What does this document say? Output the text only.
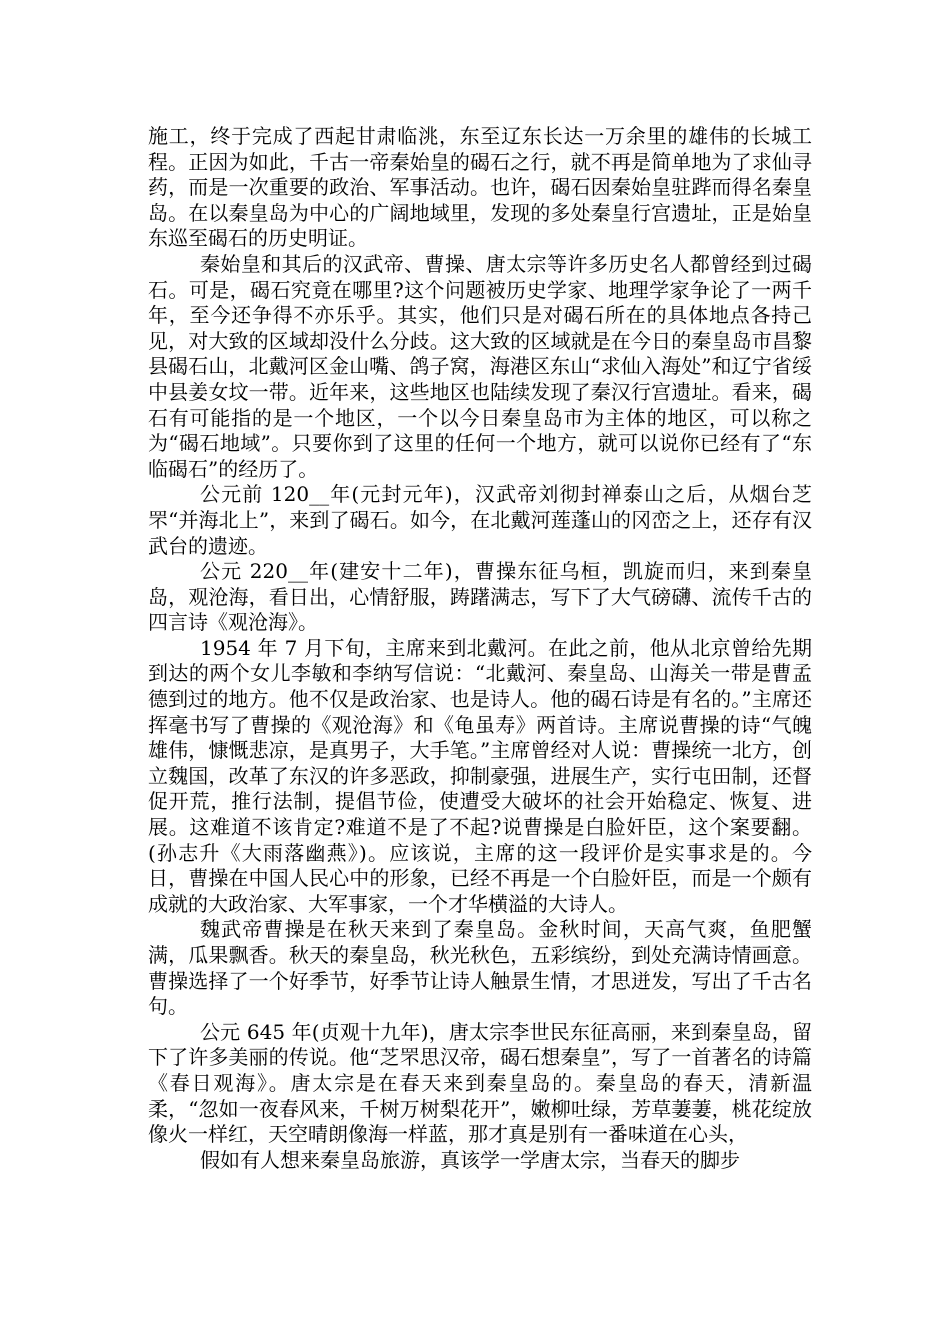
施工，终于完成了西起甘肃临洮，东至辽东长达一万余里的雄伟的长城工程。正因为如此，千古一帝秦始皇的碣石之行，就不再是简单地为了求仙寻药，而是一次重要的政治、军事活动。也许，碣石因秦始皇驻跸而得名秦皇岛。在以秦皇岛为中心的广阔地域里，发现的多处秦皇行宫遗址，正是始皇东巡至碣石的历史明证。

秦始皇和其后的汉武帝、曹操、唐太宗等许多历史名人都曾经到过碣石。可是，碣石究竟在哪里?这个问题被历史学家、地理学家争论了一两千年，至今还争得不亦乐乎。其实，他们只是对碣石所在的具体地点各持己见，对大致的区域却没什么分歧。这大致的区域就是在今日的秦皇岛市昌黎县碣石山，北戴河区金山嘴、鸽子窝，海港区东山“求仙入海处”和辽宁省绥中县姜女坟一带。近年来，这些地区也陆续发现了秦汉行宫遗址。看来，碣石有可能指的是一个地区，一个以今日秦皇岛市为主体的地区，可以称之为“碣石地域”。只要你到了这里的任何一个地方，就可以说你已经有了“东临碣石”的经历了。

公元前 120__年(元封元年)，汉武帝刘彻封禅泰山之后，从烟台芝罘“并海北上”，来到了碣石。如今，在北戴河莲蓬山的冈峦之上，还存有汉武台的遗迹。

公元 220__年(建安十二年)，曹操东征乌桓，凯旋而归，来到秦皇岛，观沧海，看日出，心情舒服，踌躇满志，写下了大气磅礴、流传千古的四言诗《观沧海》。

1954 年 7 月下旬，主席来到北戴河。在此之前，他从北京曾给先期到达的两个女儿李敏和李纳写信说：“北戴河、秦皇岛、山海关一带是曹孟德到过的地方。他不仅是政治家、也是诗人。他的碣石诗是有名的。”主席还挥毫书写了曹操的《观沧海》和《龟虽寿》两首诗。主席说曹操的诗“气魄雄伟，慷慨悲凉，是真男子，大手笔。”主席曾经对人说：曹操统一北方，创立魏国，改革了东汉的许多恶政，抑制豪强，进展生产，实行屯田制，还督促开荒，推行法制，提倡节俭，使遭受大破坏的社会开始稳定、恢复、进展。这难道不该肯定?难道不是了不起?说曹操是白脸奸臣，这个案要翻。(孙志升《大雨落幽燕》)。应该说，主席的这一段评价是实事求是的。今日，曹操在中国人民心中的形象，已经不再是一个白脸奸臣，而是一个颇有成就的大政治家、大军事家，一个才华横溢的大诗人。

魏武帝曹操是在秋天来到了秦皇岛。金秋时间，天高气爽，鱼肥蟹满，瓜果飘香。秋天的秦皇岛，秋光秋色，五彩缤纷，到处充满诗情画意。曹操选择了一个好季节，好季节让诗人触景生情，才思迸发，写出了千古名句。

公元 645 年(贞观十九年)，唐太宗李世民东征高丽，来到秦皇岛，留下了许多美丽的传说。他“芝罘思汉帝，碣石想秦皇”，写了一首著名的诗篇《春日观海》。唐太宗是在春天来到秦皇岛的。秦皇岛的春天，清新温柔，“忽如一夜春风来，千树万树梨花开”，嫩柳吐绿，芳草萋萋，桃花绽放像火一样红，天空晴朗像海一样蓝，那才真是别有一番味道在心头，

假如有人想来秦皇岛旅游，真该学一学唐太宗，当春天的脚步
